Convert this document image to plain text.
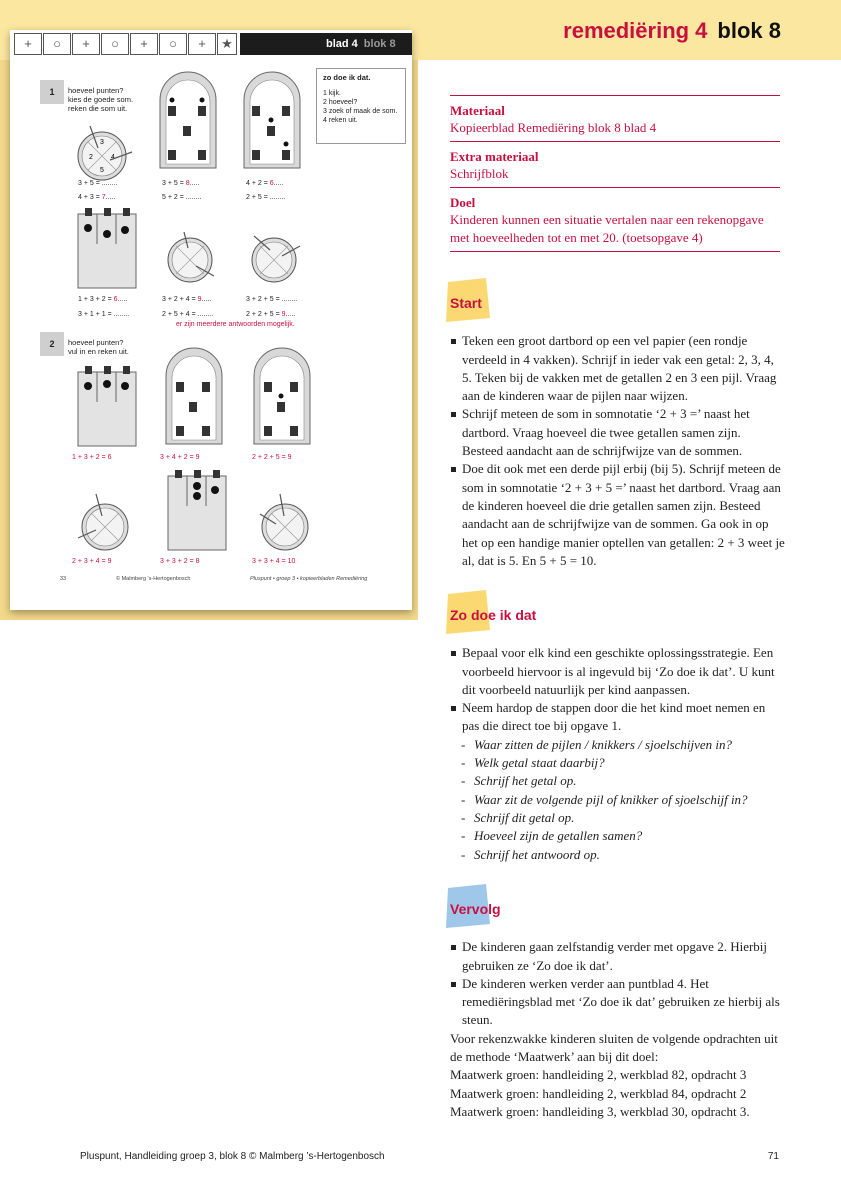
remediëring 4 blok 8
+	○	+	○	+	○	+	★	blad 4 blok 8
1	hoeveel punten?
kies de goede som.
reken die som uit.
zo doe ik dat.
1 kijk.
2 hoeveel?
3 zoek of maak de som.
4 reken uit.
3
2	4
5
3 + 5 = ........	3 + 5 = 8.....	4 + 2 = 6.....
4 + 3 = 7.....	5 + 2 = ........	2 + 5 = ........
1 + 3 + 2 = 6.....	3 + 2 + 4 = 9.....	3 + 2 + 5 = ........
3 + 1 + 1 = ........	2 + 5 + 4 = ........	2 + 2 + 5 = 9.....
er zijn meerdere antwoorden mogelijk.
2	hoeveel punten?
vul in en reken uit.
1 + 3 + 2 = 6	3 + 4 + 2 = 9	2 + 2 + 5 = 9
2 + 3 + 4 = 9	3 + 3 + 2 = 8	3 + 3 + 4 = 10
33	© Malmberg 's-Hertogenbosch	Pluspunt • groep 3 • kopieerbladen Remediëring
Materiaal
Kopieerblad Remediëring blok 8 blad 4
Extra materiaal
Schrijfblok
Doel
Kinderen kunnen een situatie vertalen naar een rekenopgave met hoeveelheden tot en met 20. (toetsopgave 4)
Start
Teken een groot dartbord op een vel papier (een rondje verdeeld in 4 vakken). Schrijf in ieder vak een getal: 2, 3, 4, 5. Teken bij de vakken met de getallen 2 en 3 een pijl. Vraag aan de kinderen waar de pijlen naar wijzen.
Schrijf meteen de som in somnotatie ‘2 + 3 =’ naast het dartbord. Vraag hoeveel die twee getallen samen zijn. Besteed aandacht aan de schrijfwijze van de sommen.
Doe dit ook met een derde pijl erbij (bij 5). Schrijf meteen de som in somnotatie ‘2 + 3 + 5 =’ naast het dartbord. Vraag aan de kinderen hoeveel die drie getallen samen zijn. Besteed aandacht aan de schrijfwijze van de sommen. Ga ook in op het op een handige manier optellen van getallen: 2 + 3 weet je al, dat is 5. En 5 + 5 = 10.
Zo doe ik dat
Bepaal voor elk kind een geschikte oplossingsstrategie. Een voorbeeld hiervoor is al ingevuld bij ‘Zo doe ik dat’. U kunt dit voorbeeld natuurlijk per kind aanpassen.
Neem hardop de stappen door die het kind moet nemen en pas die direct toe bij opgave 1.
- Waar zitten de pijlen / knikkers / sjoelschijven in?
- Welk getal staat daarbij?
- Schrijf het getal op.
- Waar zit de volgende pijl of knikker of sjoelschijf in?
- Schrijf dit getal op.
- Hoeveel zijn de getallen samen?
- Schrijf het antwoord op.
Vervolg
De kinderen gaan zelfstandig verder met opgave 2. Hierbij gebruiken ze ‘Zo doe ik dat’.
De kinderen werken verder aan puntblad 4. Het remediëringsblad met ‘Zo doe ik dat’ gebruiken ze hierbij als steun.

Voor rekenzwakke kinderen sluiten de volgende opdrachten uit de methode ‘Maatwerk’ aan bij dit doel:

Maatwerk groen: handleiding 2, werkblad 82, opdracht 3

Maatwerk groen: handleiding 2, werkblad 84, opdracht 2

Maatwerk groen: handleiding 3, werkblad 30, opdracht 3.

Pluspunt, Handleiding groep 3, blok 8 © Malmberg ’s-Hertogenbosch	71
